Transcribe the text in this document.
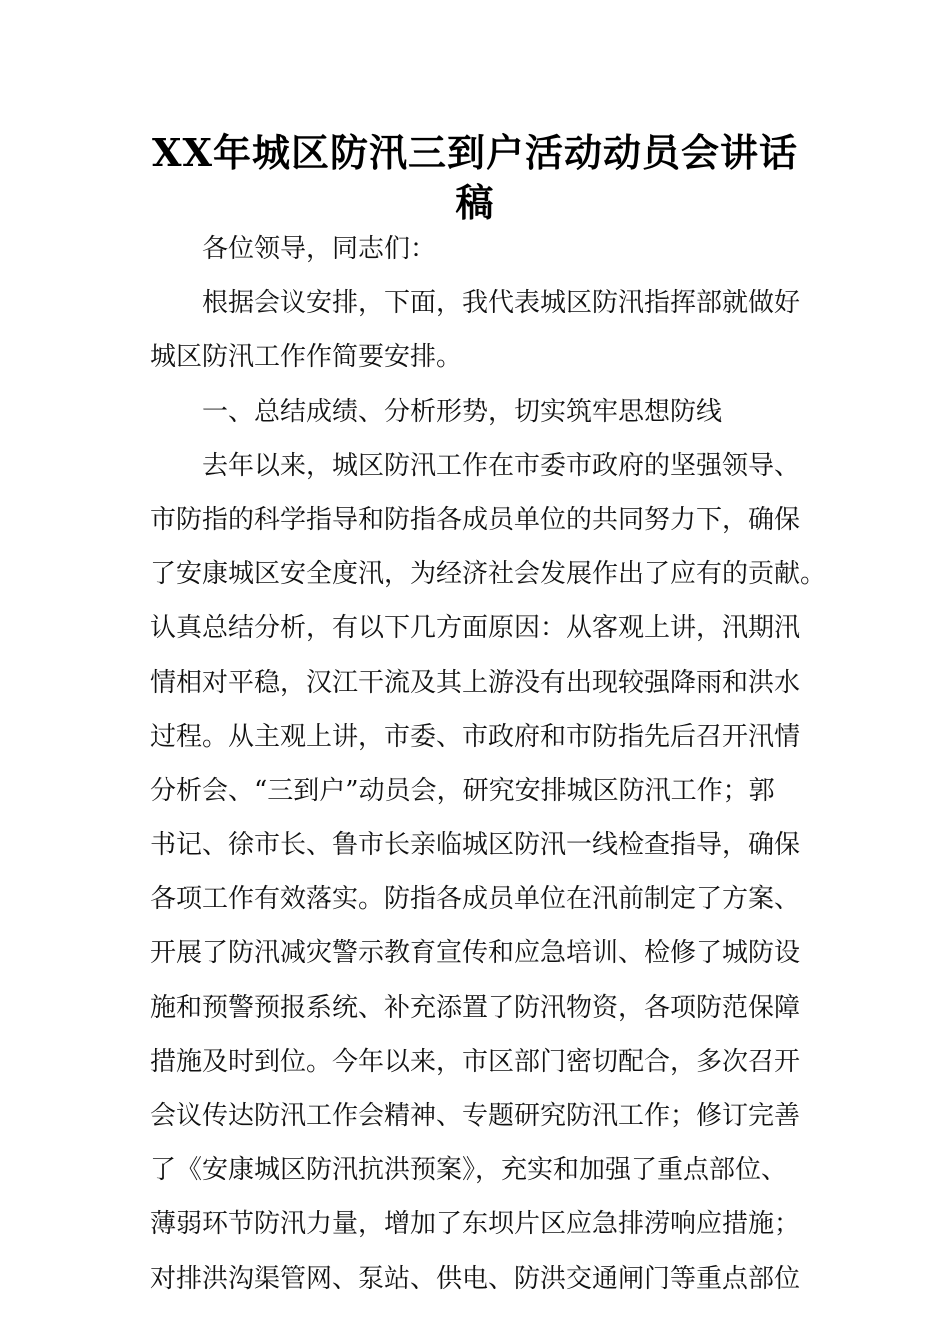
XX年城区防汛三到户活动动员会讲话
稿

各位领导，同志们：

根据会议安排，下面，我代表城区防汛指挥部就做好

城区防汛工作作简要安排。

一、总结成绩、分析形势，切实筑牢思想防线

去年以来，城区防汛工作在市委市政府的坚强领导、

市防指的科学指导和防指各成员单位的共同努力下，确保

了安康城区安全度汛，为经济社会发展作出了应有的贡献。

认真总结分析，有以下几方面原因：从客观上讲，汛期汛

情相对平稳，汉江干流及其上游没有出现较强降雨和洪水

过程。从主观上讲，市委、市政府和市防指先后召开汛情

分析会、“三到户”动员会，研究安排城区防汛工作；郭

书记、徐市长、鲁市长亲临城区防汛一线检查指导，确保

各项工作有效落实。防指各成员单位在汛前制定了方案、

开展了防汛减灾警示教育宣传和应急培训、检修了城防设

施和预警预报系统、补充添置了防汛物资，各项防范保障

措施及时到位。今年以来，市区部门密切配合，多次召开

会议传达防汛工作会精神、专题研究防汛工作；修订完善

了《安康城区防汛抗洪预案》，充实和加强了重点部位、

薄弱环节防汛力量，增加了东坝片区应急排涝响应措施；

对排洪沟渠管网、泵站、供电、防洪交通闸门等重点部位
